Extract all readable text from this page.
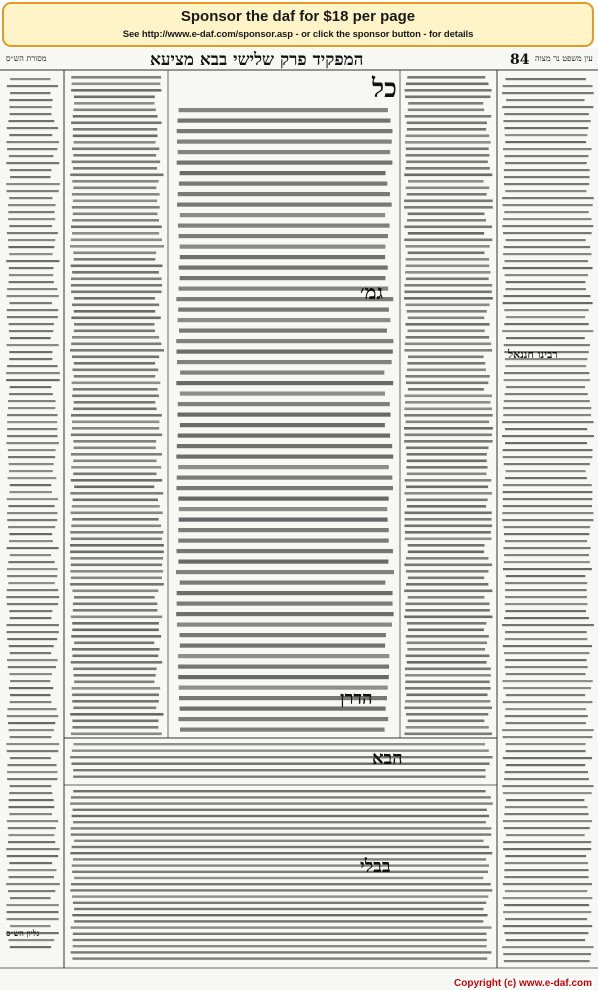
Sponsor the daf for $18 per page
See http://www.e-daf.com/sponsor.asp - or click the sponsor button - for details
84
המפקיד פרק שלישי בבא מציעא	עין משפט נר מצוה
מסורת הש״ס
כל
גמ׳
רבינו חננאל
הדרן
הבא
בבלי
גליון הש״ס
Copyright (c) www.e-daf.com
